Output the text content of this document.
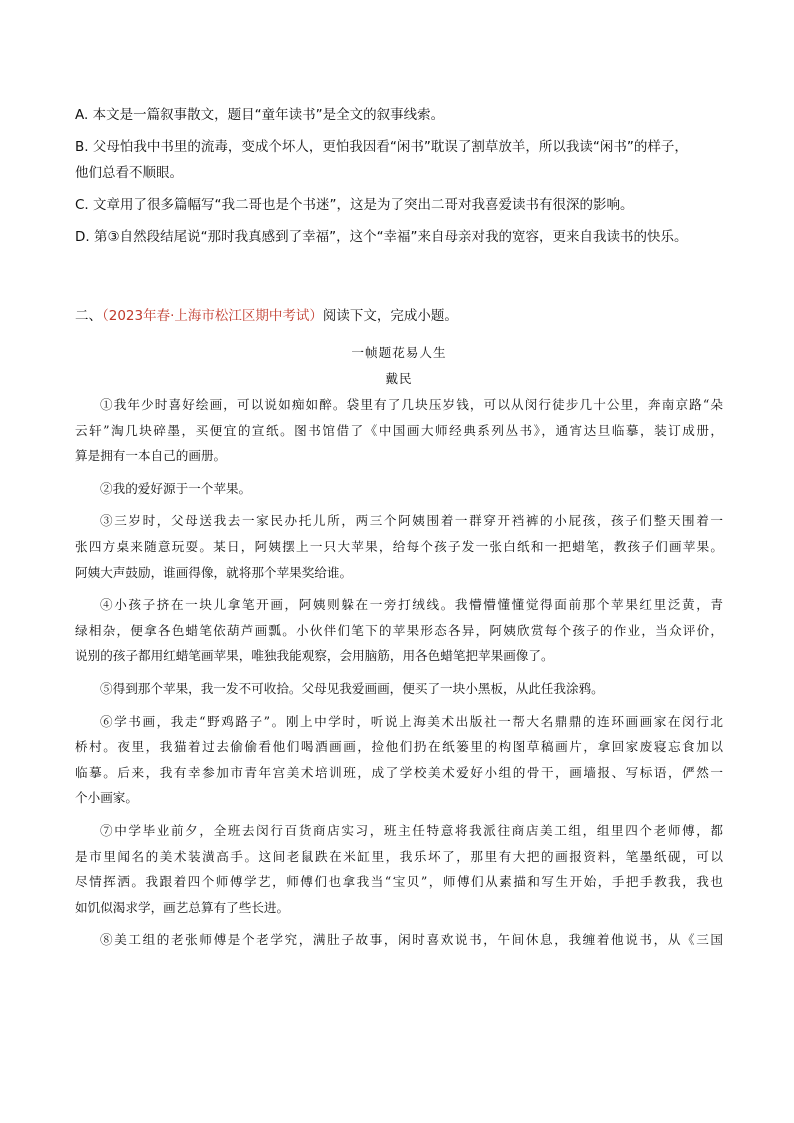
A. 本文是一篇叙事散文，题目“童年读书”是全文的叙事线索。
B. 父母怕我中书里的流毒，变成个坏人，更怕我因看“闲书”耽误了割草放羊，所以我读“闲书”的样子，
他们总看不顺眼。
C. 文章用了很多篇幅写“我二哥也是个书迷”，这是为了突出二哥对我喜爱读书有很深的影响。
D. 第③自然段结尾说“那时我真感到了幸福”，这个“幸福”来自母亲对我的宽容，更来自我读书的快乐。
二、（2023年春·上海市松江区期中考试）阅读下文，完成小题。
一帧题花易人生
戴民
①我年少时喜好绘画，可以说如痴如醉。袋里有了几块压岁钱，可以从闵行徒步几十公里，奔南京路“朵
云轩”淘几块碎墨，买便宜的宣纸。图书馆借了《中国画大师经典系列丛书》，通宵达旦临摹，装订成册，
算是拥有一本自己的画册。
②我的爱好源于一个苹果。
③三岁时，父母送我去一家民办托儿所，两三个阿姨围着一群穿开裆裤的小屁孩，孩子们整天围着一
张四方桌来随意玩耍。某日，阿姨摆上一只大苹果，给每个孩子发一张白纸和一把蜡笔，教孩子们画苹果。
阿姨大声鼓励，谁画得像，就将那个苹果奖给谁。
④小孩子挤在一块儿拿笔开画，阿姨则躲在一旁打绒线。我懵懵懂懂觉得面前那个苹果红里泛黄，青
绿相杂，便拿各色蜡笔依葫芦画瓢。小伙伴们笔下的苹果形态各异，阿姨欣赏每个孩子的作业，当众评价，
说别的孩子都用红蜡笔画苹果，唯独我能观察，会用脑筋，用各色蜡笔把苹果画像了。
⑤得到那个苹果，我一发不可收拾。父母见我爱画画，便买了一块小黑板，从此任我涂鸦。
⑥学书画，我走“野鸡路子”。刚上中学时，听说上海美术出版社一帮大名鼎鼎的连环画画家在闵行北
桥村。夜里，我猫着过去偷偷看他们喝酒画画，捡他们扔在纸篓里的构图草稿画片，拿回家废寝忘食加以
临摹。后来，我有幸参加市青年宫美术培训班，成了学校美术爱好小组的骨干，画墙报、写标语，俨然一
个小画家。
⑦中学毕业前夕，全班去闵行百货商店实习，班主任特意将我派往商店美工组，组里四个老师傅，都
是市里闻名的美术装潢高手。这间老鼠跌在米缸里，我乐坏了，那里有大把的画报资料，笔墨纸砚，可以
尽情挥洒。我跟着四个师傅学艺，师傅们也拿我当“宝贝”，师傅们从素描和写生开始，手把手教我，我也
如饥似渴求学，画艺总算有了些长进。
⑧美工组的老张师傅是个老学究，满肚子故事，闲时喜欢说书，午间休息，我缠着他说书，从《三国
